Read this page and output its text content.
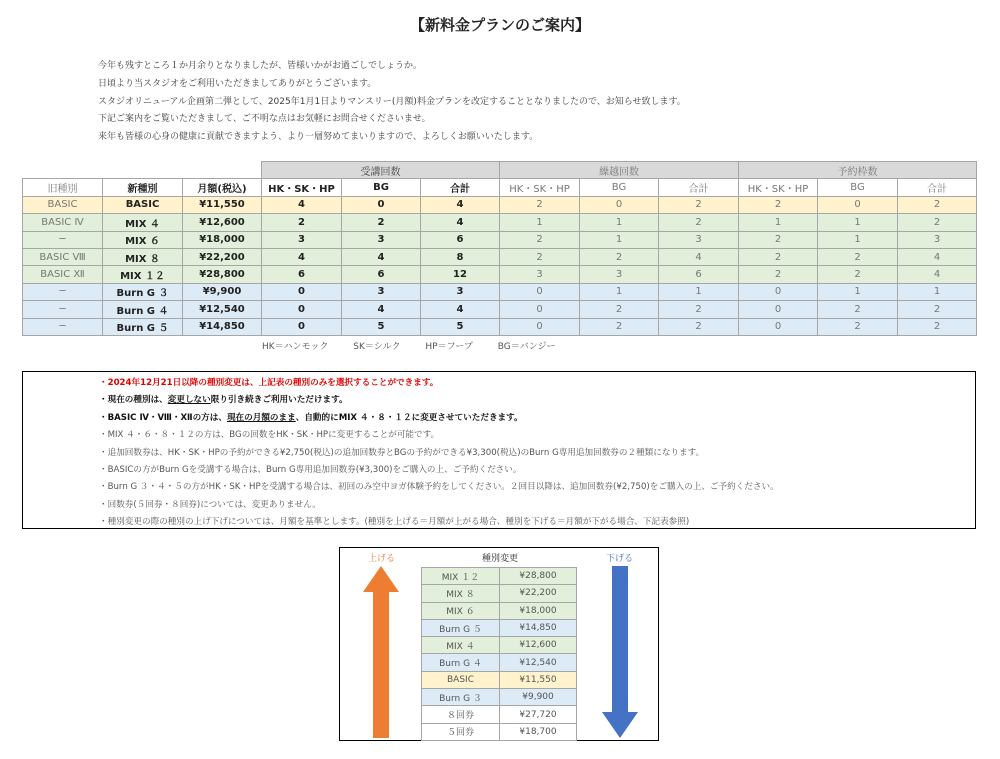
【新料金プランのご案内】
今年も残すところ１か月余りとなりましたが、皆様いかがお過ごしでしょうか。
日頃より当スタジオをご利用いただきましてありがとうございます。
スタジオリニューアル企画第二弾として、2025年1月1日よりマンスリー(月額)料金プランを改定することとなりましたので、お知らせ致します。
下記ご案内をご覧いただきまして、ご不明な点はお気軽にお問合せくださいませ。
来年も皆様の心身の健康に貢献できますよう、より一層努めてまいりますので、よろしくお願いいたします。
			受講回数			繰越回数			予約枠数		
旧種別	新種別	月額(税込)	HK・SK・HP	BG	合計	HK・SK・HP	BG	合計	HK・SK・HP	BG	合計
BASIC	BASIC	¥11,550	4	0	4	2	0	2	2	0	2
BASIC Ⅳ	MIX ４	¥12,600	2	2	4	1	1	2	1	1	2
─	MIX ６	¥18,000	3	3	6	2	1	3	2	1	3
BASIC Ⅷ	MIX ８	¥22,200	4	4	8	2	2	4	2	2	4
BASIC Ⅻ	MIX １２	¥28,800	6	6	12	3	3	6	2	2	4
─	Burn G ３	¥9,900	0	3	3	0	1	1	0	1	1
─	Burn G ４	¥12,540	0	4	4	0	2	2	0	2	2
─	Burn G ５	¥14,850	0	5	5	0	2	2	0	2	2
HK＝ハンモック	SK＝シルク	HP＝フープ	BG＝バンジー
・2024年12月21日以降の種別変更は、上記表の種別のみを選択することができます。
・現在の種別は、変更しない限り引き続きご利用いただけます。
・BASIC Ⅳ・Ⅷ・Ⅻの方は、現在の月額のまま、自動的にMIX ４・８・１２に変更させていただきます。
・MIX ４・６・８・１２の方は、BGの回数をHK・SK・HPに変更することが可能です。
・追加回数券は、HK・SK・HPの予約ができる¥2,750(税込)の追加回数券とBGの予約ができる¥3,300(税込)のBurn G専用追加回数券の２種類になります。
・BASICの方がBurn Gを受講する場合は、Burn G専用追加回数券(¥3,300)をご購入の上、ご予約ください。
・Burn G ３・４・５の方がHK・SK・HPを受講する場合は、初回のみ空中ヨガ体験予約をしてください。２回目以降は、追加回数券(¥2,750)をご購入の上、ご予約ください。
・回数券(５回券・８回券)については、変更ありません。
・種別変更の際の種別の上げ下げについては、月額を基準とします。(種別を上げる＝月額が上がる場合、種別を下げる＝月額が下がる場合、下記表参照)
上げる	種別変更	下げる
MIX １２	¥28,800
MIX ８	¥22,200
MIX ６	¥18,000
Burn G ５	¥14,850
MIX ４	¥12,600
Burn G ４	¥12,540
BASIC	¥11,550
Burn G ３	¥9,900
８回券	¥27,720
５回券	¥18,700
